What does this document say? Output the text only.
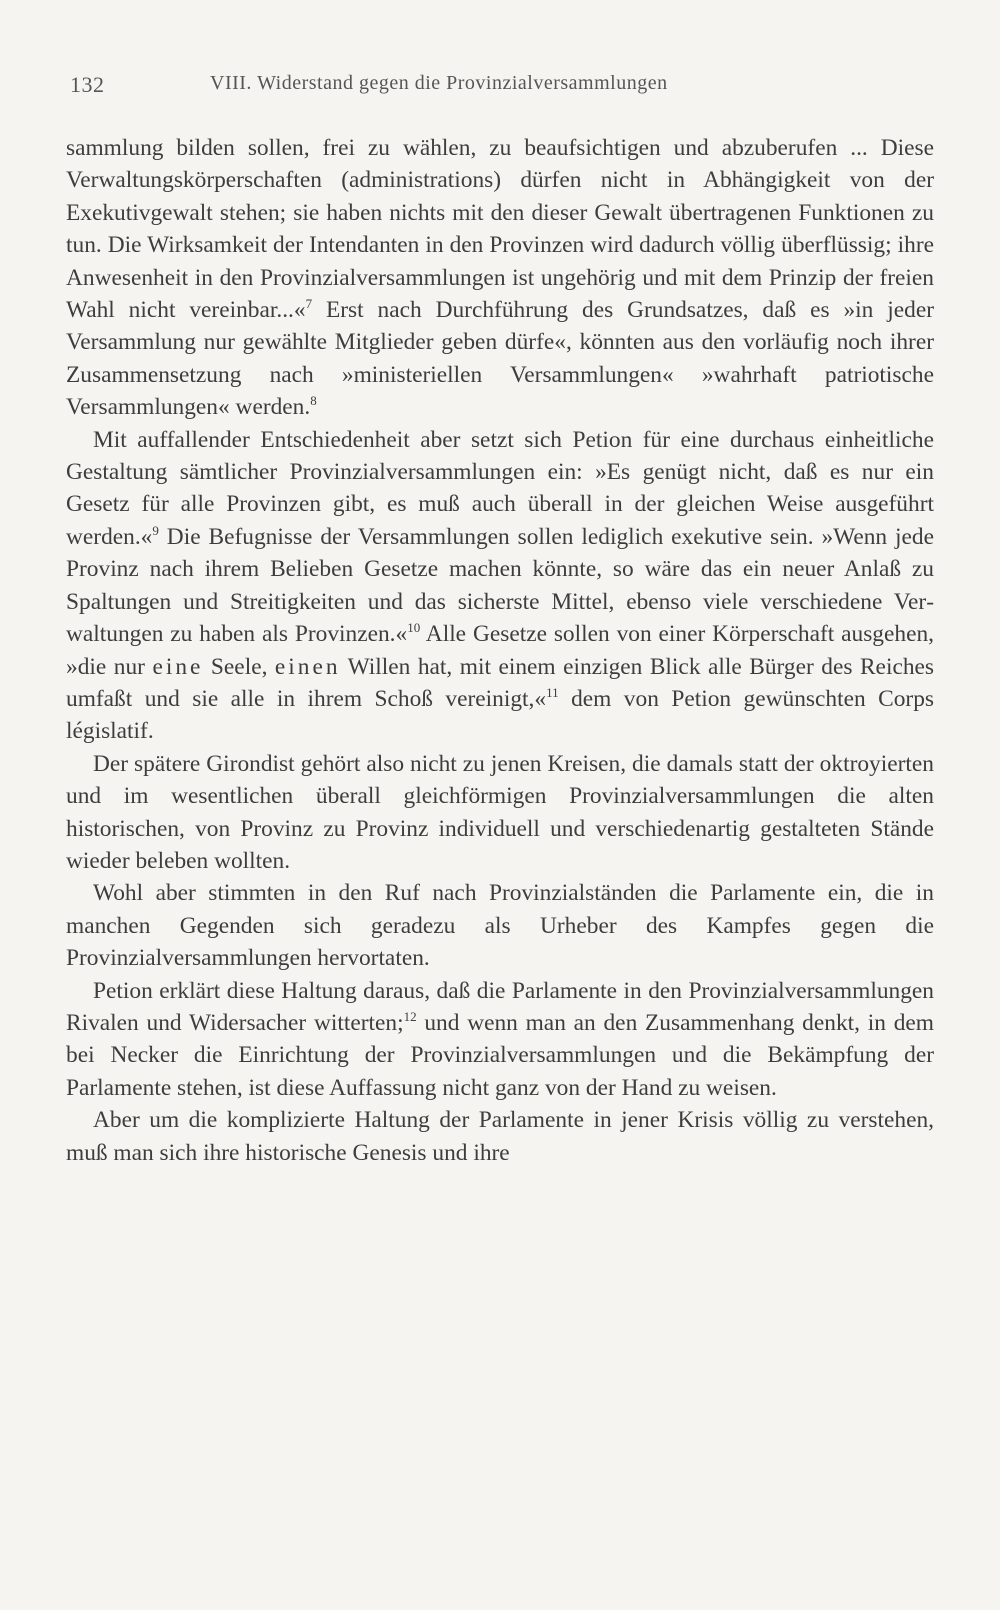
132	VIII. Widerstand gegen die Provinzialversammlungen

sammlung bilden sollen, frei zu wählen, zu beaufsichtigen und abzuberufen ... Diese Verwaltungskörperschaften (administrations) dürfen nicht in Abhängigkeit von der Exekutivgewalt stehen; sie haben nichts mit den dieser Gewalt übertragenen Funktionen zu tun. Die Wirksamkeit der Intendanten in den Provinzen wird dadurch völlig überflüssig; ihre Anwesenheit in den Provinzialversammlungen ist ungehörig und mit dem Prinzip der freien Wahl nicht vereinbar...«$^7$ Erst nach Durchführung des Grundsatzes, daß es »in jeder Versammlung nur gewählte Mitglieder geben dürfe«, könnten aus den vorläufig noch ihrer Zusammensetzung nach »ministeriellen Versammlungen« »wahrhaft patriotische Versammlungen« werden.$^8$

Mit auffallender Entschiedenheit aber setzt sich Petion für eine durchaus einheitliche Gestaltung sämtlicher Provinzialversammlungen ein: »Es genügt nicht, daß es nur ein Gesetz für alle Provinzen gibt, es muß auch überall in der gleichen Weise ausgeführt werden.«$^9$ Die Befugnisse der Versammlungen sollen lediglich exekutive sein. »Wenn jede Provinz nach ihrem Belieben Gesetze machen könnte, so wäre das ein neuer Anlaß zu Spaltungen und Streitigkeiten und das sicherste Mittel, ebenso viele verschiedene Verwaltungen zu haben als Provinzen.«$^{10}$ Alle Gesetze sollen von einer Körperschaft ausgehen, »die nur eine Seele, einen Willen hat, mit einem einzigen Blick alle Bürger des Reiches umfaßt und sie alle in ihrem Schoß vereinigt,«$^{11}$ dem von Petion gewünschten Corps législatif.

Der spätere Girondist gehört also nicht zu jenen Kreisen, die damals statt der oktroyierten und im wesentlichen überall gleichförmigen Provinzialversammlungen die alten historischen, von Provinz zu Provinz individuell und verschiedenartig gestalteten Stände wieder beleben wollten.

Wohl aber stimmten in den Ruf nach Provinzialständen die Parlamente ein, die in manchen Gegenden sich geradezu als Urheber des Kampfes gegen die Provinzialversammlungen hervortaten.

Petion erklärt diese Haltung daraus, daß die Parlamente in den Provinzialversammlungen Rivalen und Widersacher witterten;$^{12}$ und wenn man an den Zusammenhang denkt, in dem bei Necker die Einrichtung der Provinzialversammlungen und die Bekämpfung der Parlamente stehen, ist diese Auffassung nicht ganz von der Hand zu weisen.

Aber um die komplizierte Haltung der Parlamente in jener Krisis völlig zu verstehen, muß man sich ihre historische Genesis und ihre
